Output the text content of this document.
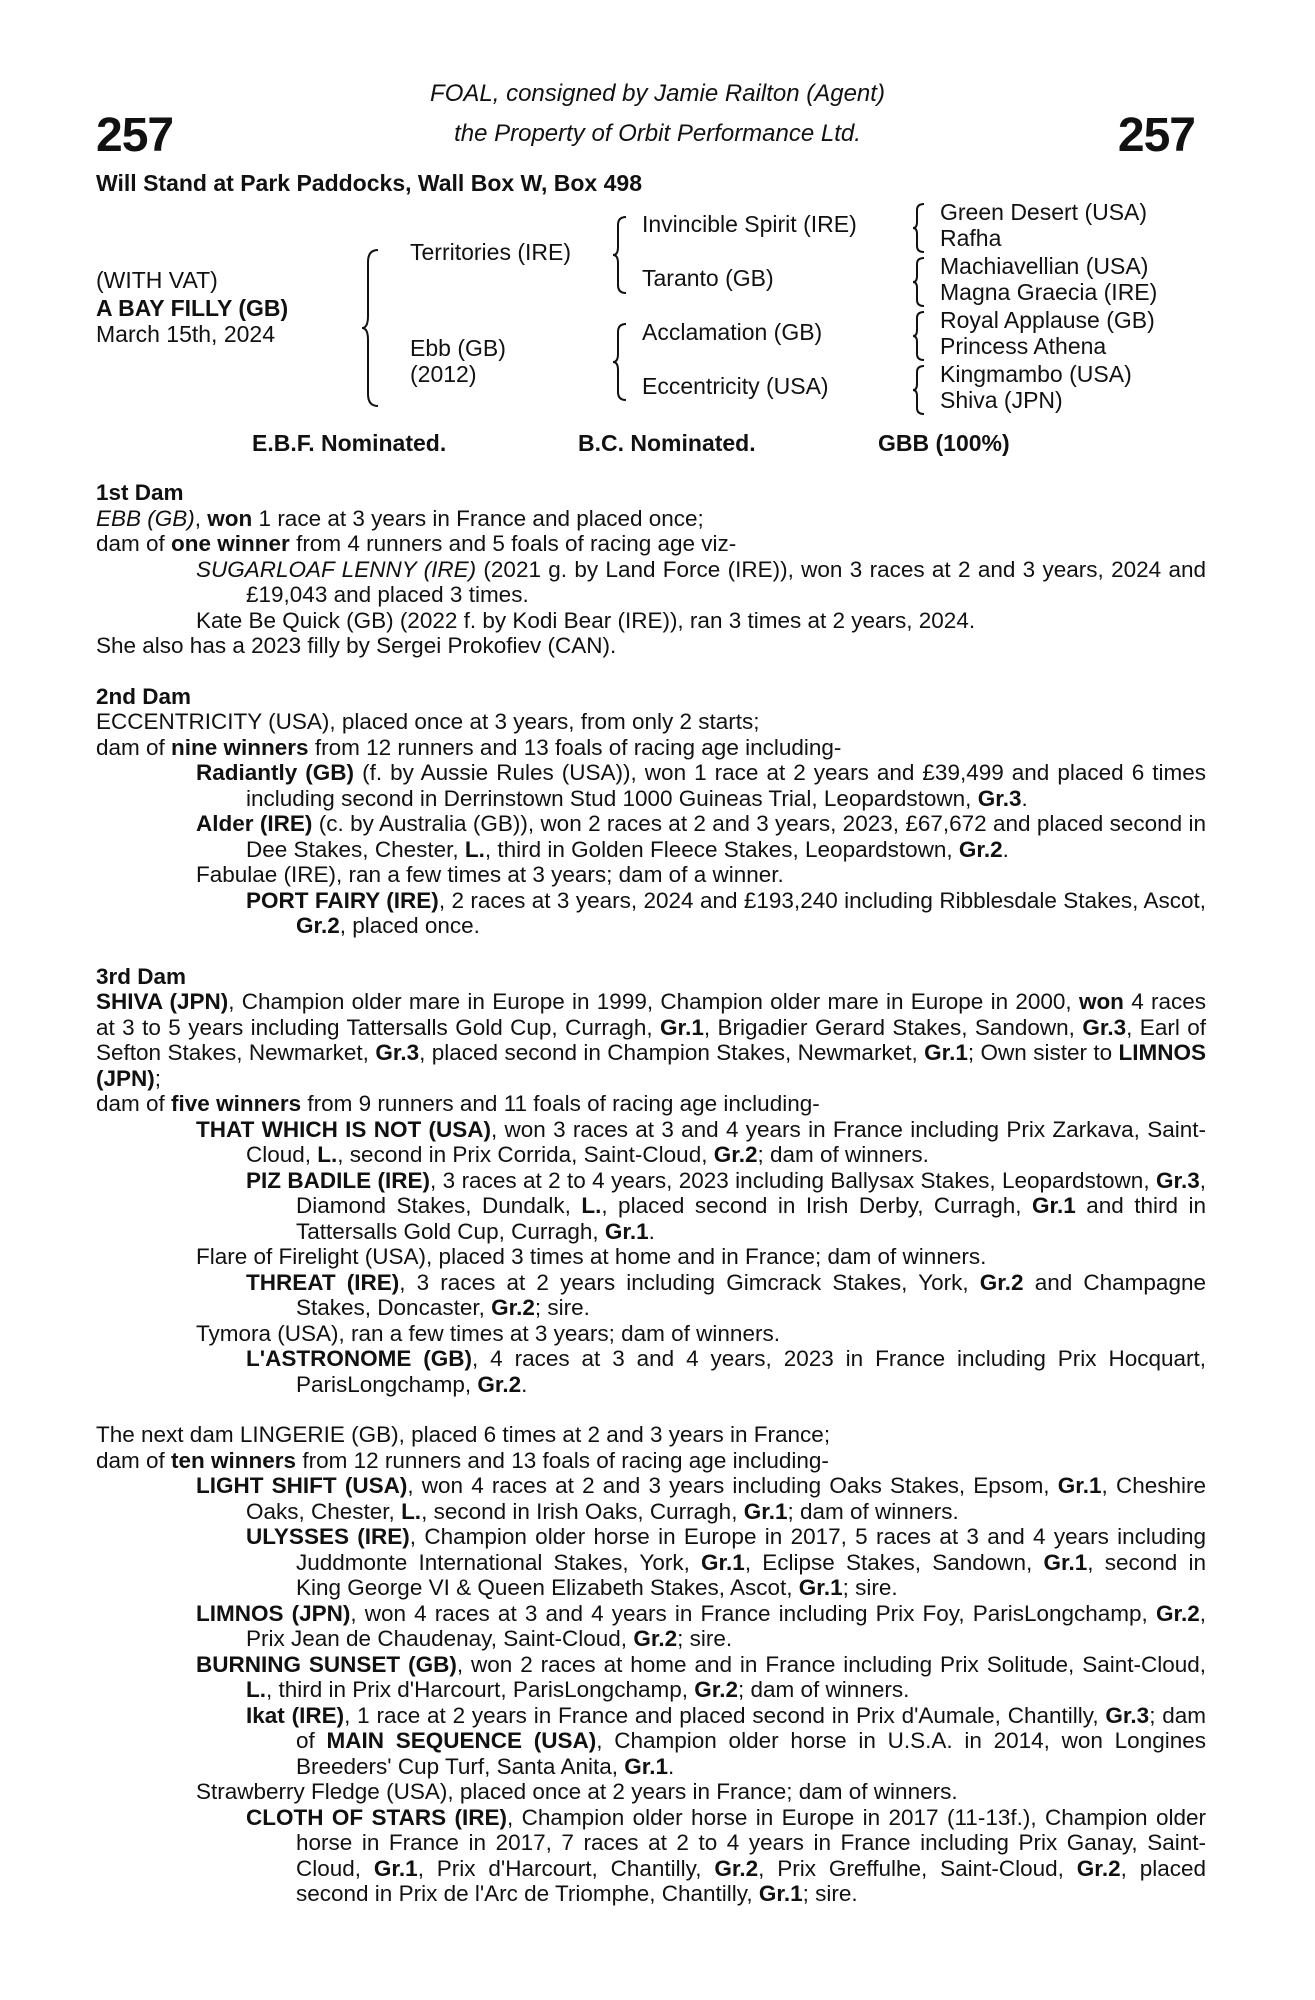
257	257
FOAL, consigned by Jamie Railton (Agent)
the Property of Orbit Performance Ltd.
Will Stand at Park Paddocks, Wall Box W, Box 498
(WITH VAT)
A BAY FILLY (GB)
March 15th, 2024
Territories (IRE)
Ebb (GB)
(2012)
Invincible Spirit (IRE)
Taranto (GB)
Acclamation (GB)
Eccentricity (USA)
Green Desert (USA)
Rafha
Machiavellian (USA)
Magna Graecia (IRE)
Royal Applause (GB)
Princess Athena
Kingmambo (USA)
Shiva (JPN)
E.B.F. Nominated.	B.C. Nominated.	GBB (100%)
1st Dam
EBB (GB), won 1 race at 3 years in France and placed once;
dam of one winner from 4 runners and 5 foals of racing age viz-
SUGARLOAF LENNY (IRE) (2021 g. by Land Force (IRE)), won 3 races at 2 and 3 years, 2024 and £19,043 and placed 3 times.
Kate Be Quick (GB) (2022 f. by Kodi Bear (IRE)), ran 3 times at 2 years, 2024.
She also has a 2023 filly by Sergei Prokofiev (CAN).
2nd Dam
ECCENTRICITY (USA), placed once at 3 years, from only 2 starts;
dam of nine winners from 12 runners and 13 foals of racing age including-
Radiantly (GB) (f. by Aussie Rules (USA)), won 1 race at 2 years and £39,499 and placed 6 times including second in Derrinstown Stud 1000 Guineas Trial, Leopardstown, Gr.3.
Alder (IRE) (c. by Australia (GB)), won 2 races at 2 and 3 years, 2023, £67,672 and placed second in Dee Stakes, Chester, L., third in Golden Fleece Stakes, Leopardstown, Gr.2.
Fabulae (IRE), ran a few times at 3 years; dam of a winner.
PORT FAIRY (IRE), 2 races at 3 years, 2024 and £193,240 including Ribblesdale Stakes, Ascot, Gr.2, placed once.
3rd Dam
SHIVA (JPN), Champion older mare in Europe in 1999, Champion older mare in Europe in 2000, won 4 races at 3 to 5 years including Tattersalls Gold Cup, Curragh, Gr.1, Brigadier Gerard Stakes, Sandown, Gr.3, Earl of Sefton Stakes, Newmarket, Gr.3, placed second in Champion Stakes, Newmarket, Gr.1; Own sister to LIMNOS (JPN);
dam of five winners from 9 runners and 11 foals of racing age including-
THAT WHICH IS NOT (USA), won 3 races at 3 and 4 years in France including Prix Zarkava, Saint-Cloud, L., second in Prix Corrida, Saint-Cloud, Gr.2; dam of winners.
PIZ BADILE (IRE), 3 races at 2 to 4 years, 2023 including Ballysax Stakes, Leopardstown, Gr.3, Diamond Stakes, Dundalk, L., placed second in Irish Derby, Curragh, Gr.1 and third in Tattersalls Gold Cup, Curragh, Gr.1.
Flare of Firelight (USA), placed 3 times at home and in France; dam of winners.
THREAT (IRE), 3 races at 2 years including Gimcrack Stakes, York, Gr.2 and Champagne Stakes, Doncaster, Gr.2; sire.
Tymora (USA), ran a few times at 3 years; dam of winners.
L'ASTRONOME (GB), 4 races at 3 and 4 years, 2023 in France including Prix Hocquart, ParisLongchamp, Gr.2.
The next dam LINGERIE (GB), placed 6 times at 2 and 3 years in France;
dam of ten winners from 12 runners and 13 foals of racing age including-
LIGHT SHIFT (USA), won 4 races at 2 and 3 years including Oaks Stakes, Epsom, Gr.1, Cheshire Oaks, Chester, L., second in Irish Oaks, Curragh, Gr.1; dam of winners.
ULYSSES (IRE), Champion older horse in Europe in 2017, 5 races at 3 and 4 years including Juddmonte International Stakes, York, Gr.1, Eclipse Stakes, Sandown, Gr.1, second in King George VI & Queen Elizabeth Stakes, Ascot, Gr.1; sire.
LIMNOS (JPN), won 4 races at 3 and 4 years in France including Prix Foy, ParisLongchamp, Gr.2, Prix Jean de Chaudenay, Saint-Cloud, Gr.2; sire.
BURNING SUNSET (GB), won 2 races at home and in France including Prix Solitude, Saint-Cloud, L., third in Prix d'Harcourt, ParisLongchamp, Gr.2; dam of winners.
Ikat (IRE), 1 race at 2 years in France and placed second in Prix d'Aumale, Chantilly, Gr.3; dam of MAIN SEQUENCE (USA), Champion older horse in U.S.A. in 2014, won Longines Breeders' Cup Turf, Santa Anita, Gr.1.
Strawberry Fledge (USA), placed once at 2 years in France; dam of winners.
CLOTH OF STARS (IRE), Champion older horse in Europe in 2017 (11-13f.), Champion older horse in France in 2017, 7 races at 2 to 4 years in France including Prix Ganay, Saint-Cloud, Gr.1, Prix d'Harcourt, Chantilly, Gr.2, Prix Greffulhe, Saint-Cloud, Gr.2, placed second in Prix de l'Arc de Triomphe, Chantilly, Gr.1; sire.
